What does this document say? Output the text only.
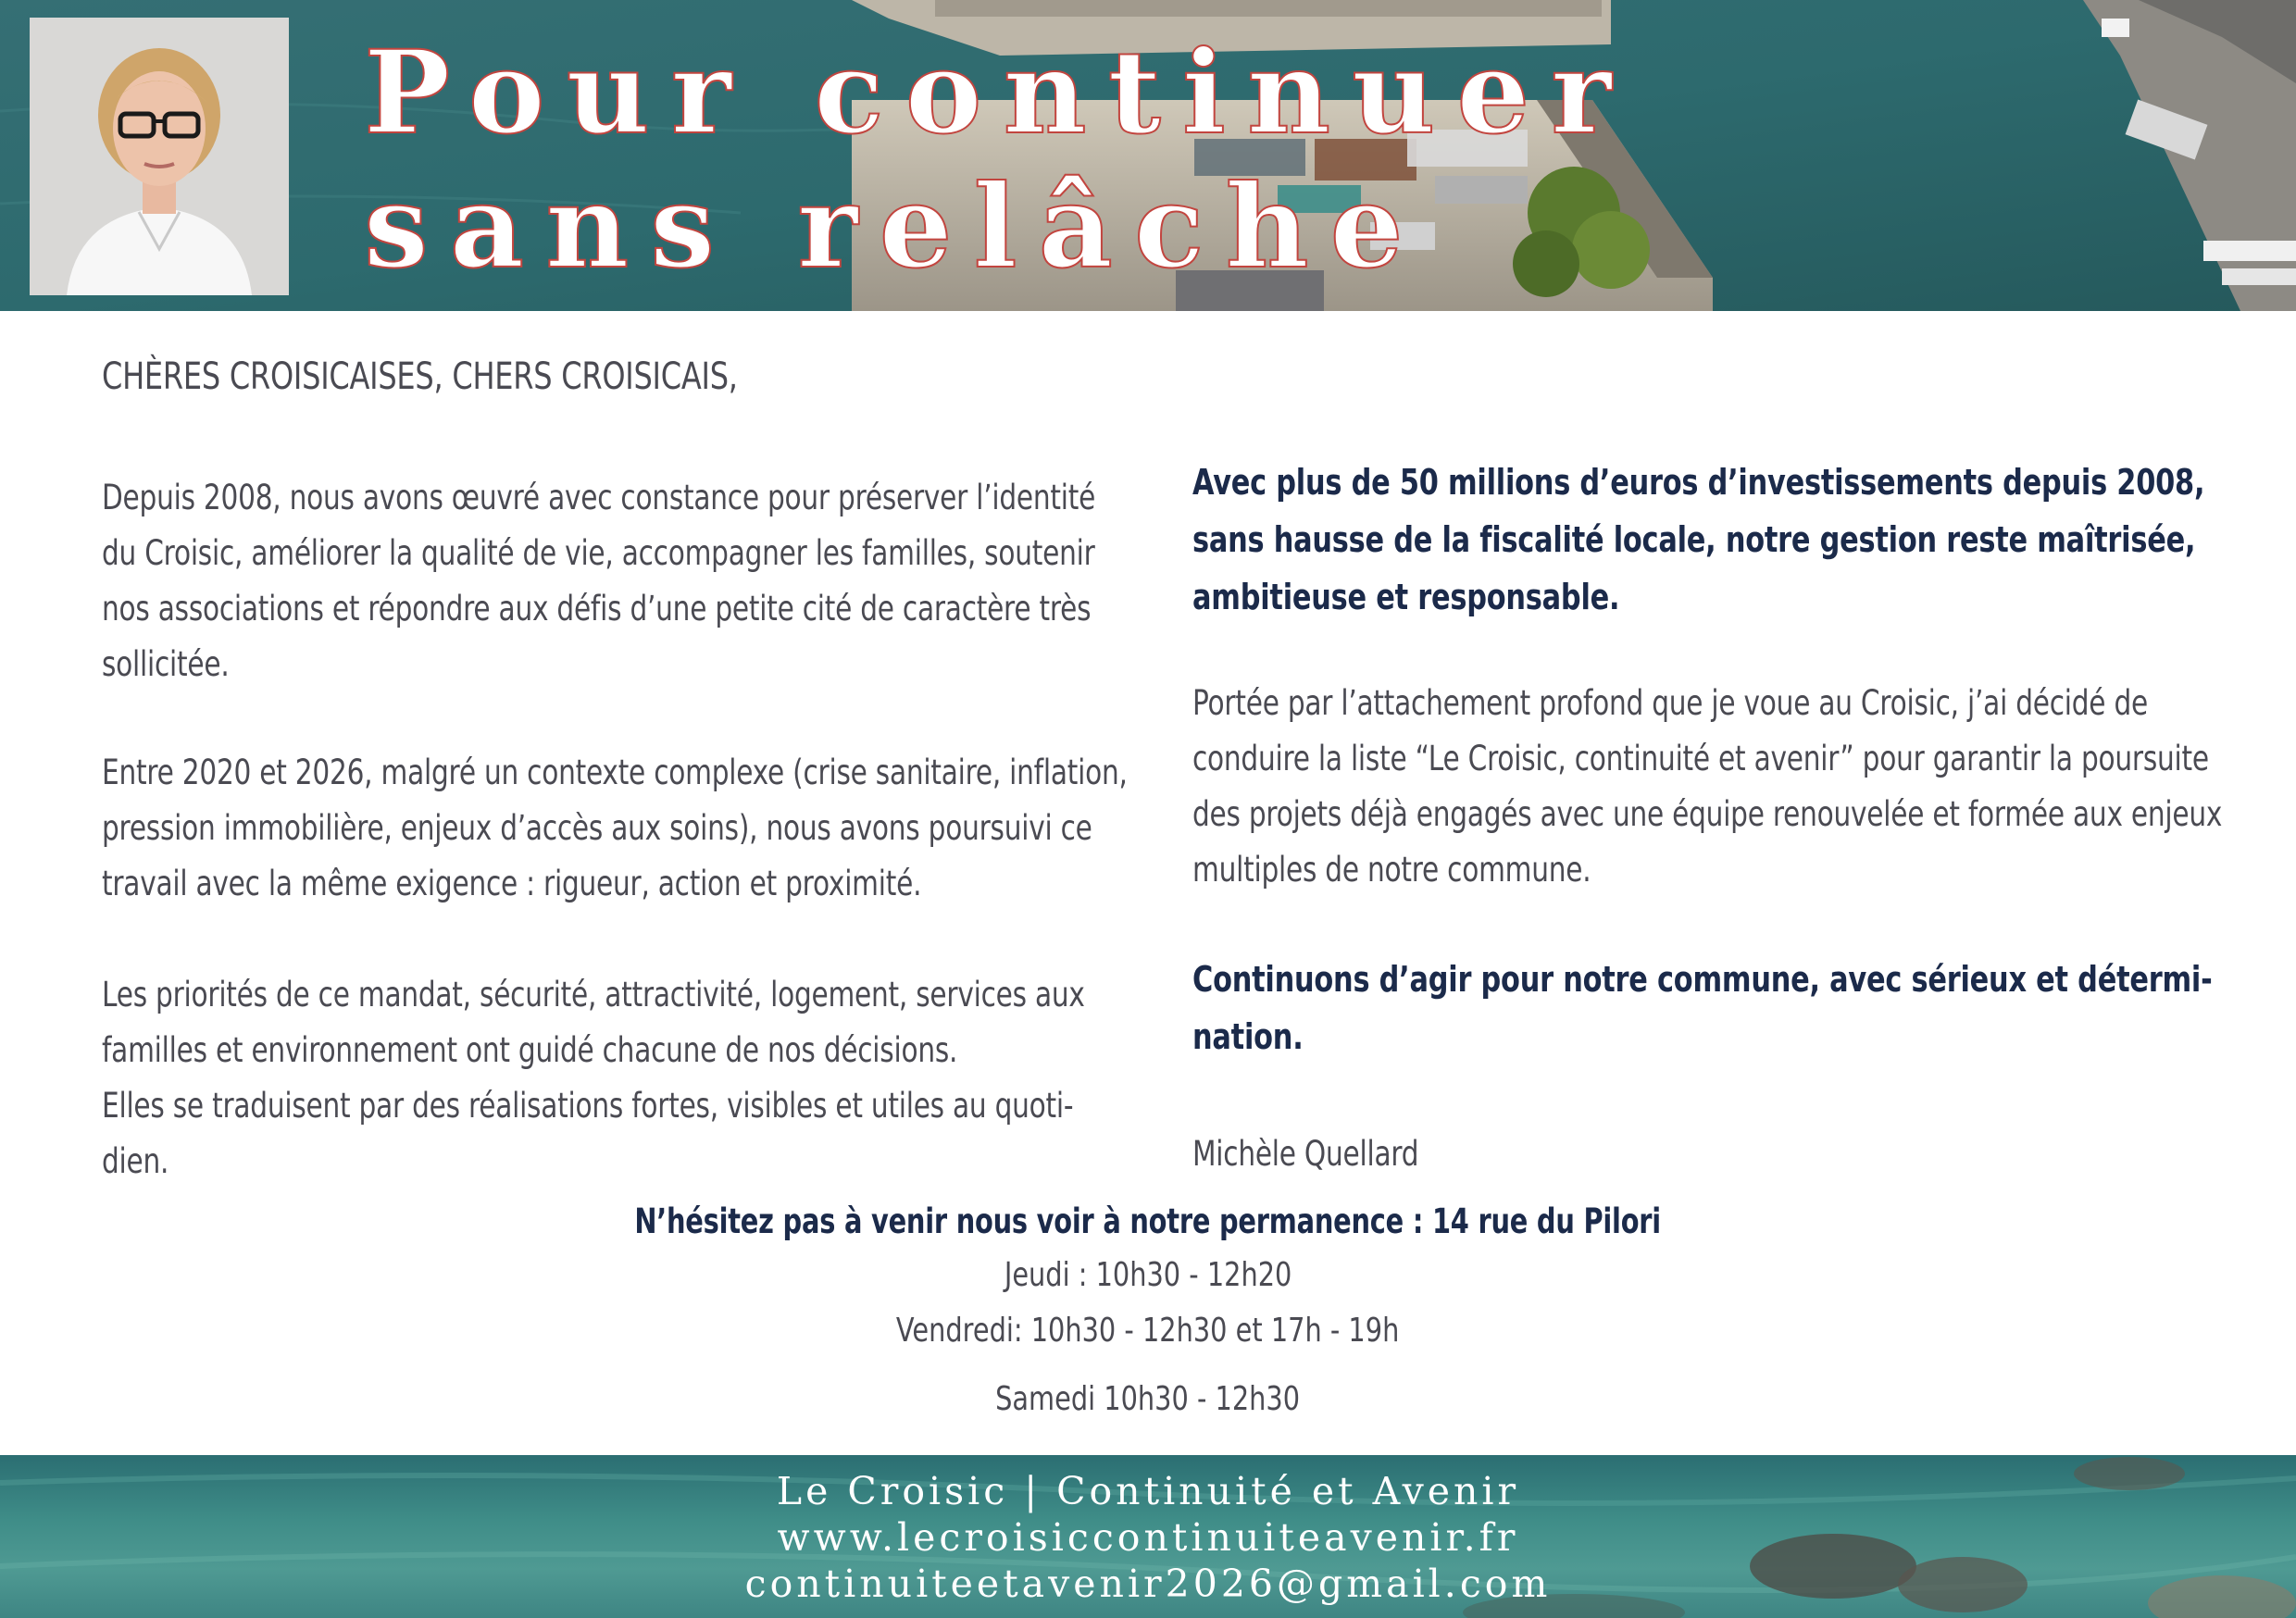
Pour continuer
sans relâche

CHÈRES CROISICAISES, CHERS CROISICAIS,

Depuis 2008, nous avons œuvré avec constance pour préserver l’identité
du Croisic, améliorer la qualité de vie, accompagner les familles, soutenir
nos associations et répondre aux défis d’une petite cité de caractère très
sollicitée.
Entre 2020 et 2026, malgré un contexte complexe (crise sanitaire, inflation,
pression immobilière, enjeux d’accès aux soins), nous avons poursuivi ce
travail avec la même exigence : rigueur, action et proximité.
Les priorités de ce mandat, sécurité, attractivité, logement, services aux
familles et environnement ont guidé chacune de nos décisions.
Elles se traduisent par des réalisations fortes, visibles et utiles au quoti-
dien.
Avec plus de 50 millions d’euros d’investissements depuis 2008,
sans hausse de la fiscalité locale, notre gestion reste maîtrisée,
ambitieuse et responsable.
Portée par l’attachement profond que je voue au Croisic, j’ai décidé de
conduire la liste “Le Croisic, continuité et avenir” pour garantir la poursuite
des projets déjà engagés avec une équipe renouvelée et formée aux enjeux
multiples de notre commune.
Continuons d’agir pour notre commune, avec sérieux et détermi-
nation.

Michèle Quellard

N’hésitez pas à venir nous voir à notre permanence : 14 rue du Pilori

Jeudi : 10h30 - 12h20

Vendredi: 10h30 - 12h30 et 17h - 19h

Samedi 10h30 - 12h30

Le Croisic | Continuité et Avenir
www.lecroisiccontinuiteavenir.fr
continuiteetavenir2026@gmail.com
